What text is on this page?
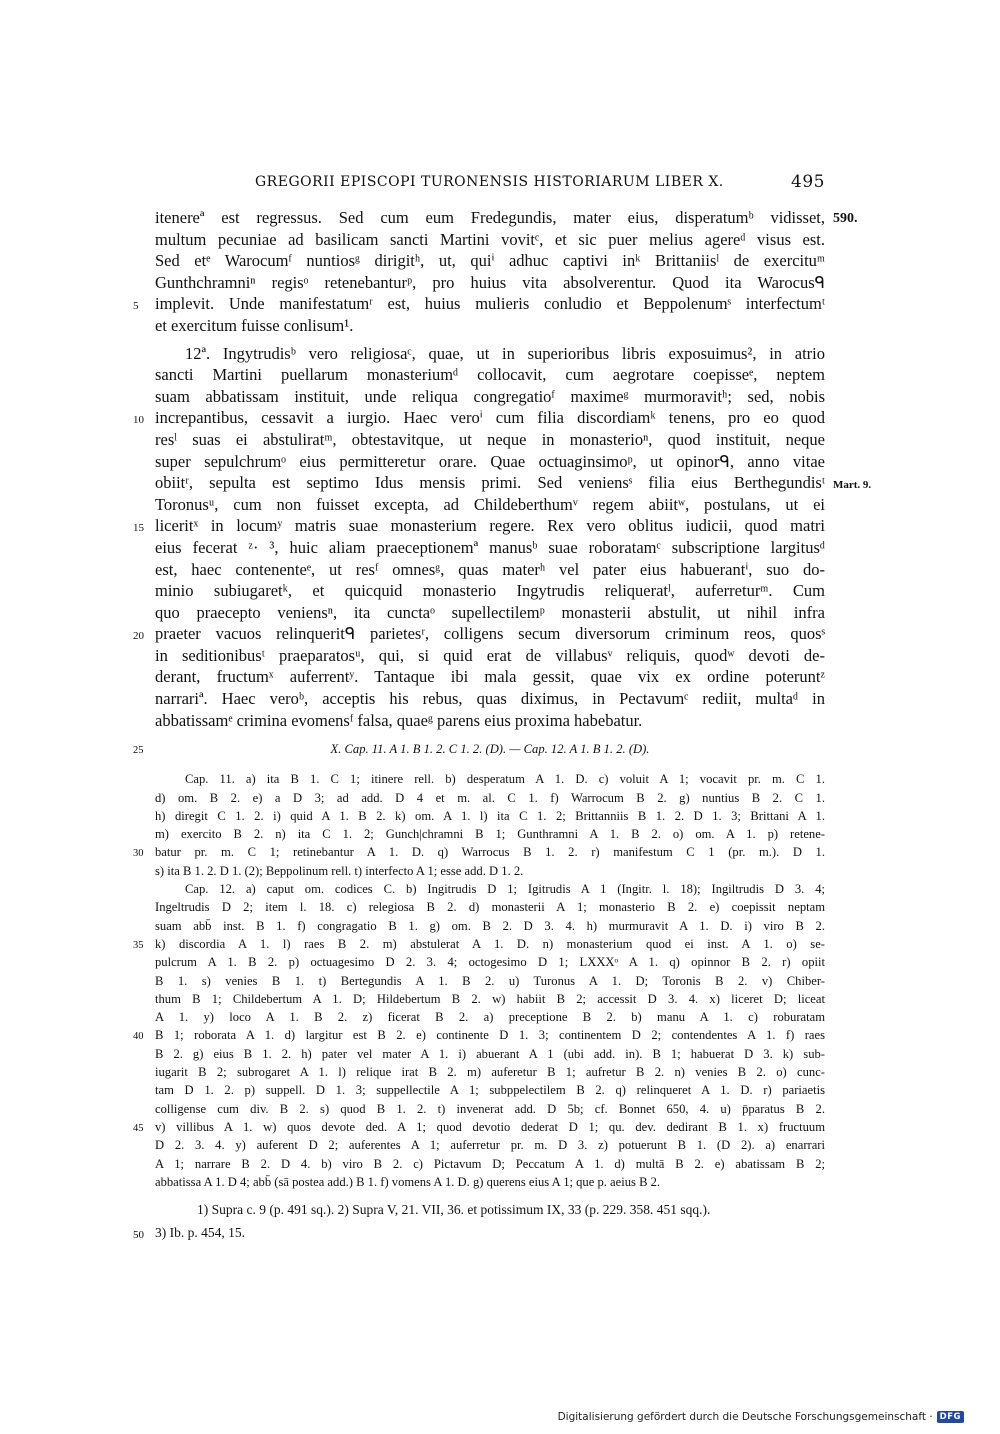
GREGORII EPISCOPI TURONENSIS HISTORIARUM LIBER X.	495
itenereª est regressus. Sed cum eum Fredegundis, mater eius, disperatumᵇ vidisset, 590.
multum pecuniae ad basilicam sancti Martini vovitᶜ, et sic puer melius agereᵈ visus est.
Sed etᵉ Warocumᶠ nuntiosᵍ dirigitʰ, ut, quiⁱ adhuc captivi inᵏ Brittaniisˡ de exercituᵐ
Gunthchramniⁿ regisᵒ retenebanturᵖ, pro huius vita absolverentur. Quod ita Warocusᑫ
implevit. Unde manifestatumʳ est, huius mulieris conludio et Beppolenumˢ interfectumᵗ
5
et exercitum fuisse conlisum¹.
12ª. Ingytrudisᵇ vero religiosaᶜ, quae, ut in superioribus libris exposuimus², in atrio
sancti Martini puellarum monasteriumᵈ collocavit, cum aegrotare coepisseᵉ, neptem
suam abbatissam instituit, unde reliqua congregatioᶠ maximeᵍ murmoravitʰ; sed, nobis
increpantibus, cessavit a iurgio. Haec veroⁱ cum filia discordiamᵏ tenens, pro eo quod
10
resˡ suas ei abstuliratᵐ, obtestavitque, ut neque in monasterioⁿ, quod instituit, neque
super sepulchrumᵒ eius permitteretur orare. Quae octuaginsimoᵖ, ut opinorᑫ, anno vitae
obiitʳ, sepulta est septimo Idus mensis primi. Sed veniensˢ filia eius Berthegundisᵗ Mart. 9.
Toronusᵘ, cum non fuisset excepta, ad Childeberthumᵛ regem abiitʷ, postulans, ut ei
liceritˣ in locumʸ matris suae monasterium regere. Rex vero oblitus iudicii, quod matri
15
eius fecerat ᶻ· ³, huic aliam praeceptionemª manusᵇ suae roboratamᶜ subscriptione largitusᵈ
est, haec contenenteᵉ, ut resᶠ omnesᵍ, quas materʰ vel pater eius habuerantⁱ, suo do-
minio subiugaretᵏ, et quicquid monasterio Ingytrudis reliqueratˡ, auferreturᵐ. Cum
quo praecepto veniensⁿ, ita cunctaᵒ supellectilemᵖ monasterii abstulit, ut nihil infra
praeter vacuos relinqueritᑫ parietesʳ, colligens secum diversorum criminum reos, quosˢ
20
in seditionibusᵗ praeparatosᵘ, qui, si quid erat de villabusᵛ reliquis, quodʷ devoti de-
derant, fructumˣ auferrentʸ. Tantaque ibi mala gessit, quae vix ex ordine poteruntᶻ
narrariª. Haec veroᵇ, acceptis his rebus, quas diximus, in Pectavumᶜ rediit, multaᵈ in
abbatissamᵉ crimina evomensᶠ falsa, quaeᵍ parens eius proxima habebatur.
X. Cap. 11. A 1. B 1. 2. C 1. 2. (D). — Cap. 12. A 1. B 1. 2. (D).
25
Cap. 11. a) ita B 1. C 1; itinere rell. b) desperatum A 1. D. c) voluit A 1; vocavit pr. m. C 1.
d) om. B 2. e) a D 3; ad add. D 4 et m. al. C 1. f) Warrocum B 2. g) nuntius B 2. C 1.
h) diregit C 1. 2. i) quid A 1. B 2. k) om. A 1. l) ita C 1. 2; Brittanniis B 1. 2. D 1. 3; Brittani A 1.
m) exercito B 2. n) ita C 1. 2; Gunch|chramni B 1; Gunthramni A 1. B 2. o) om. A 1. p) retene-
batur pr. m. C 1; retinebantur A 1. D. q) Warrocus B 1. 2. r) manifestum C 1 (pr. m.). D 1.
30
s) ita B 1. 2. D 1. (2); Beppolinum rell. t) interfecto A 1; esse add. D 1. 2.
Cap. 12. a) caput om. codices C. b) Ingitrudis D 1; Igitrudis A 1 (Ingitr. l. 18); Ingiltrudis D 3. 4;
Ingeltrudis D 2; item l. 18. c) relegiosa B 2. d) monasterii A 1; monasterio B 2. e) coepissit neptam
suam abb̄ inst. B 1. f) congragatio B 1. g) om. B 2. D 3. 4. h) murmuravit A 1. D. i) viro B 2.
k) discordia A 1. l) raes B 2. m) abstulerat A 1. D. n) monasterium quod ei inst. A 1. o) se-
35
pulcrum A 1. B 2. p) octuagesimo D 2. 3. 4; octogesimo D 1; LXXXᵒ A 1. q) opinnor B 2. r) opiit
B 1. s) venies B 1. t) Bertegundis A 1. B 2. u) Turonus A 1. D; Toronis B 2. v) Chiber-
thum B 1; Childebertum A 1. D; Hildebertum B 2. w) habiit B 2; accessit D 3. 4. x) liceret D; liceat
A 1. y) loco A 1. B 2. z) ficerat B 2. a) preceptione B 2. b) manu A 1. c) roburatam
B 1; roborata A 1. d) largitur est B 2. e) continente D 1. 3; continentem D 2; contendentes A 1. f) raes
40
B 2. g) eius B 1. 2. h) pater vel mater A 1. i) abuerant A 1 (ubi add. in). B 1; habuerat D 3. k) sub-
iugarit B 2; subrogaret A 1. l) relique irat B 2. m) auferetur B 1; aufretur B 2. n) venies B 2. o) cunc-
tam D 1. 2. p) suppell. D 1. 3; suppellectile A 1; subppelectilem B 2. q) relinqueret A 1. D. r) pariaetis
colligense cum div. B 2. s) quod B 1. 2. t) invenerat add. D 5b; cf. Bonnet 650, 4. u) p̄paratus B 2.
v) villibus A 1. w) quos devote ded. A 1; quod devotio dederat D 1; qu. dev. dedirant B 1. x) fructuum
45
D 2. 3. 4. y) auferent D 2; auferentes A 1; auferretur pr. m. D 3. z) potuerunt B 1. (D 2). a) enarrari
A 1; narrare B 2. D 4. b) viro B 2. c) Pictavum D; Peccatum A 1. d) multā B 2. e) abatissam B 2;
abbatissa A 1. D 4; abb̄ (sā postea add.) B 1. f) vomens A 1. D. g) querens eius A 1; que p. aeius B 2.
1) Supra c. 9 (p. 491 sq.). 2) Supra V, 21. VII, 36. et potissimum IX, 33 (p. 229. 358. 451 sqq.).
3) Ib. p. 454, 15.
50
Digitalisierung gefördert durch die Deutsche Forschungsgemeinschaft · DFG
